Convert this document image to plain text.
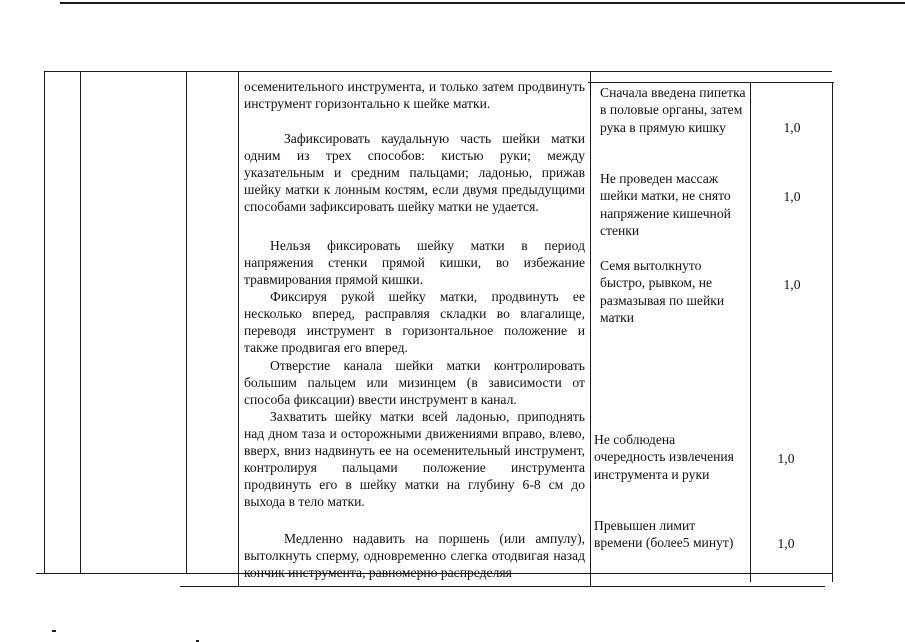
осеменительного инструмента, и только затем продвинуть инструмент горизонтально к шейке матки.

Зафиксировать каудальную часть шейки матки одним из трех способов: кистью руки; между указательным и средним пальцами; ладонью, прижав шейку матки к лонным костям, если двумя предыдущими способами зафиксировать шейку матки не удается.

Нельзя фиксировать шейку матки в период напряжения стенки прямой кишки, во избежание травмирования прямой кишки.

Фиксируя рукой шейку матки, продвинуть ее несколько вперед, расправляя складки во влагалище, переводя инструмент в горизонтальное положение и также продвигая его вперед.

Отверстие канала шейки матки контролировать большим пальцем или мизинцем (в зависимости от способа фиксации) ввести инструмент в канал.

Захватить шейку матки всей ладонью, приподнять над дном таза и осторожными движениями вправо, влево, вверх, вниз надвинуть ее на осеменительный инструмент, контролируя пальцами положение инструмента продвинуть его в шейку матки на глубину 6-8 см до выхода в тело матки.

Медленно надавить на поршень (или ампулу), вытолкнуть сперму, одновременно слегка отодвигая назад кончик инструмента, равномерно распределяя

Сначала введена пипетка в половые органы, затем рука в прямую кишку

Не проведен массаж шейки матки, не снято напряжение кишечной стенки

Семя вытолкнуто быстро, рывком, не размазывая по шейки матки

Не соблюдена очередность извлечения инструмента и руки

Превышен лимит времени (более5 минут)

1,0
1,0
1,0
1,0
1,0
